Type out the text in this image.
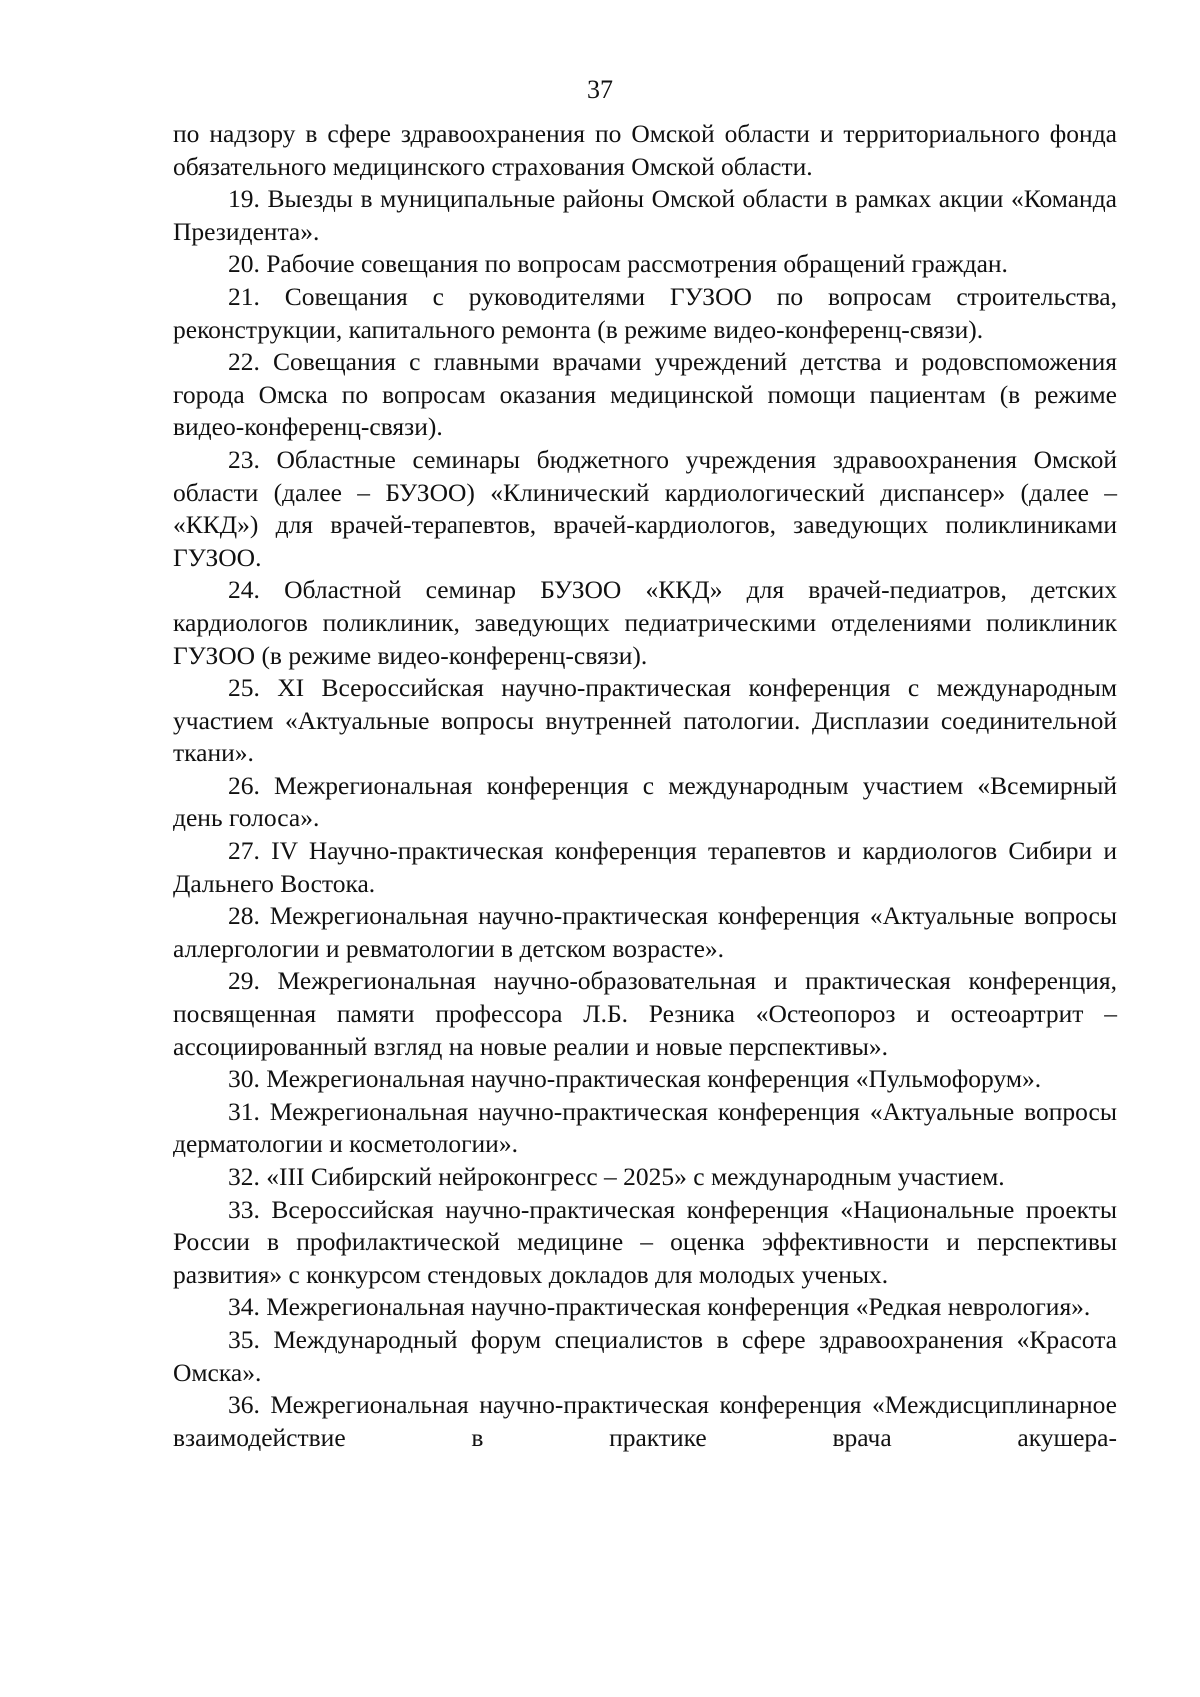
37

по надзору в сфере здравоохранения по Омской области и территориального фонда обязательного медицинского страхования Омской области.

19. Выезды в муниципальные районы Омской области в рамках акции «Команда Президента».

20. Рабочие совещания по вопросам рассмотрения обращений граждан.

21. Совещания с руководителями ГУЗОО по вопросам строительства, реконструкции, капитального ремонта (в режиме видео-конференц-связи).

22. Совещания с главными врачами учреждений детства и родовспоможения города Омска по вопросам оказания медицинской помощи пациентам (в режиме видео-конференц-связи).

23. Областные семинары бюджетного учреждения здравоохранения Омской области (далее – БУЗОО) «Клинический кардиологический диспансер» (далее – «ККД») для врачей-терапевтов, врачей-кардиологов, заведующих поликлиниками ГУЗОО.

24. Областной семинар БУЗОО «ККД» для врачей-педиатров, детских кардиологов поликлиник, заведующих педиатрическими отделениями поликлиник ГУЗОО (в режиме видео-конференц-связи).

25. XI Всероссийская научно-практическая конференция с международным участием «Актуальные вопросы внутренней патологии. Дисплазии соединительной ткани».

26. Межрегиональная конференция с международным участием «Всемирный день голоса».

27. IV Научно-практическая конференция терапевтов и кардиологов Сибири и Дальнего Востока.

28. Межрегиональная научно-практическая конференция «Актуальные вопросы аллергологии и ревматологии в детском возрасте».

29. Межрегиональная научно-образовательная и практическая конференция, посвященная памяти профессора Л.Б. Резника «Остеопороз и остеоартрит – ассоциированный взгляд на новые реалии и новые перспективы».

30. Межрегиональная научно-практическая конференция «Пульмофорум».

31. Межрегиональная научно-практическая конференция «Актуальные вопросы дерматологии и косметологии».

32. «III Сибирский нейроконгресс – 2025» с международным участием.

33. Всероссийская научно-практическая конференция «Национальные проекты России в профилактической медицине – оценка эффективности и перспективы развития» с конкурсом стендовых докладов для молодых ученых.

34. Межрегиональная научно-практическая конференция «Редкая неврология».

35. Международный форум специалистов в сфере здравоохранения «Красота Омска».

36. Межрегиональная научно-практическая конференция «Междисциплинарное взаимодействие в практике врача акушера-
